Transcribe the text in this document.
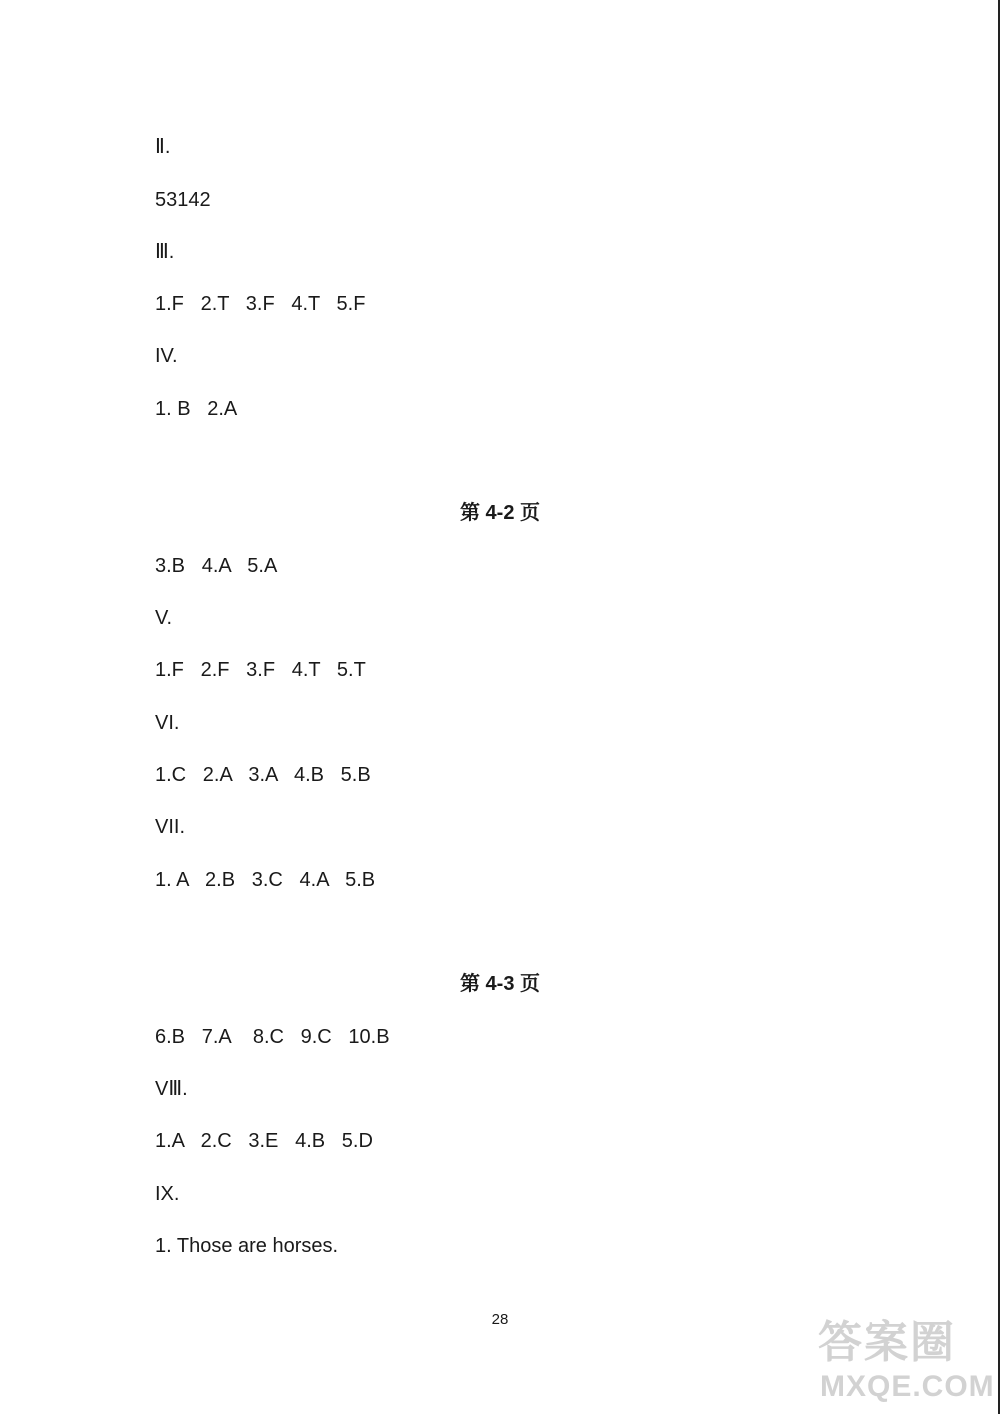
Ⅱ.
53142
Ⅲ.
1.F   2.T   3.F   4.T   5.F
IV.
1. B   2.A
第 4-2 页
3.B   4.A   5.A
V.
1.F   2.F   3.F   4.T   5.T
VI.
1.C   2.A   3.A   4.B   5.B
VII.
1. A   2.B   3.C   4.A   5.B
第 4-3 页
6.B   7.A    8.C   9.C   10.B
VⅢ.
1.A   2.C   3.E   4.B   5.D
IX.
1. Those are horses.
28	答案圈
MXQE.COM
